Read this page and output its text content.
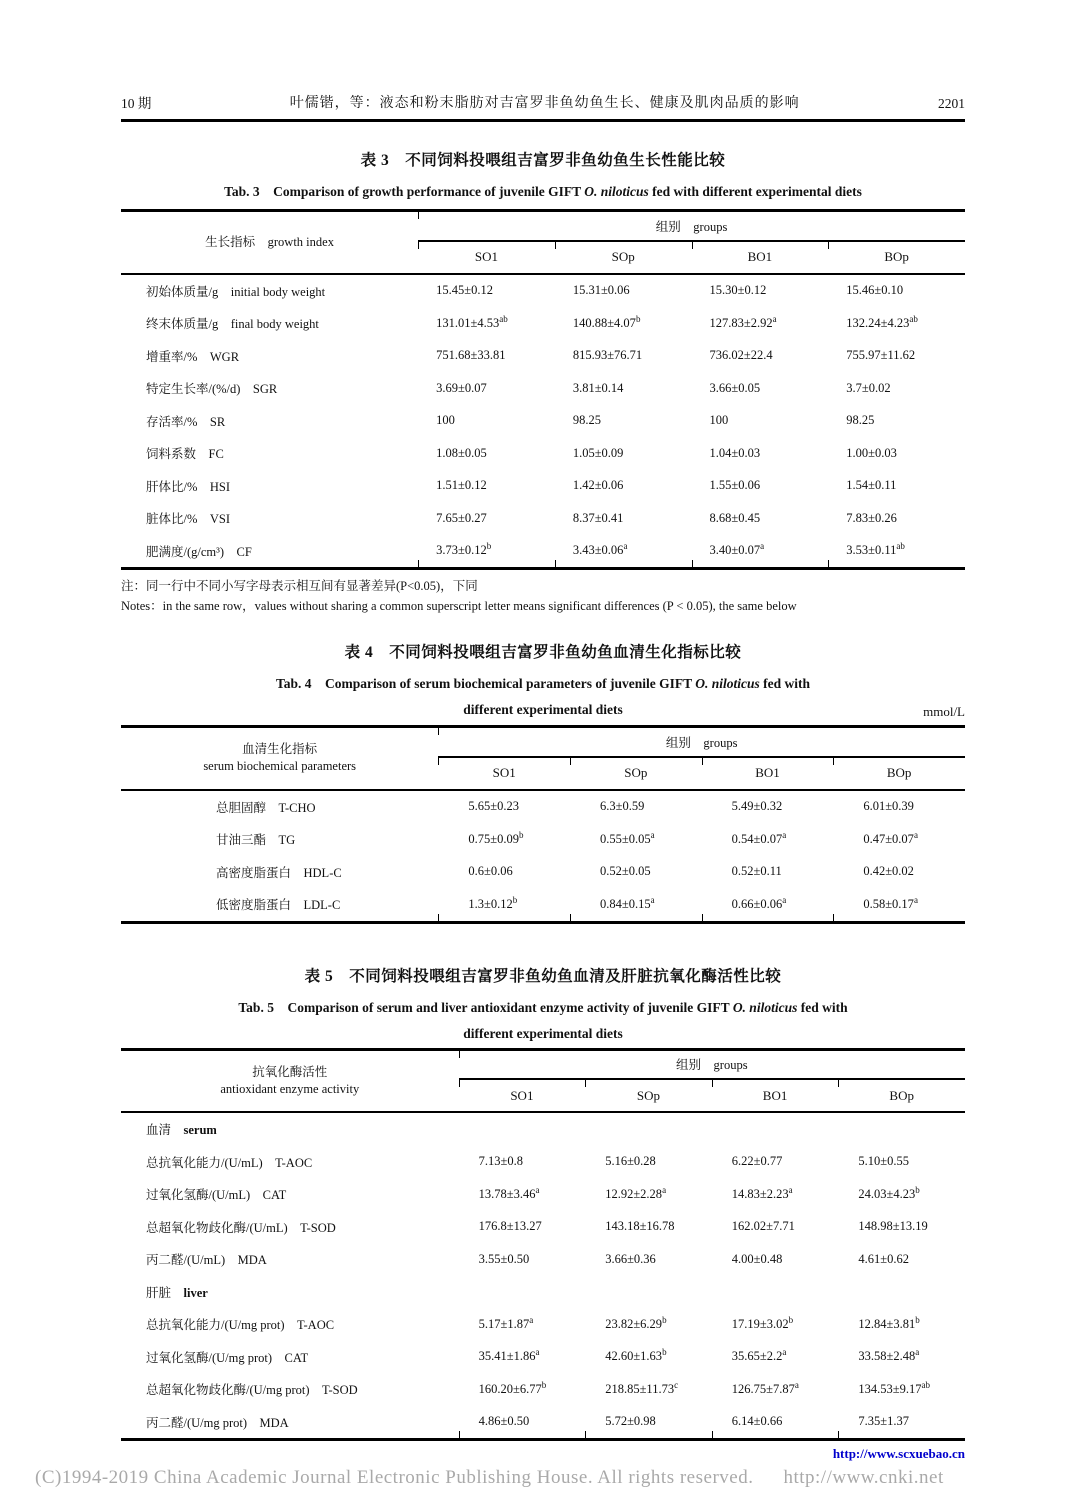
10 期	叶儒锴，等：液态和粉末脂肪对吉富罗非鱼幼鱼生长、健康及肌肉品质的影响	2201
表 3　不同饲料投喂组吉富罗非鱼幼鱼生长性能比较
Tab. 3　Comparison of growth performance of juvenile GIFT O. niloticus fed with different experimental diets
生长指标　growth index	组别　groups			
	SO1	SOp	BO1	BOp
初始体质量/g　initial body weight	15.45±0.12	15.31±0.06	15.30±0.12	15.46±0.10
终末体质量/g　final body weight	131.01±4.53$^{ab}$	140.88±4.07$^b$	127.83±2.92$^a$	132.24±4.23$^{ab}$
增重率/%　WGR	751.68±33.81	815.93±76.71	736.02±22.4	755.97±11.62
特定生长率/(%/d)　SGR	3.69±0.07	3.81±0.14	3.66±0.05	3.7±0.02
存活率/%　SR	100	98.25	100	98.25
饲料系数　FC	1.08±0.05	1.05±0.09	1.04±0.03	1.00±0.03
肝体比/%　HSI	1.51±0.12	1.42±0.06	1.55±0.06	1.54±0.11
脏体比/%　VSI	7.65±0.27	8.37±0.41	8.68±0.45	7.83±0.26
肥满度/(g/cm³)　CF	3.73±0.12$^b$	3.43±0.06$^a$	3.40±0.07$^a$	3.53±0.11$^{ab}$
注：同一行中不同小写字母表示相互间有显著差异(P<0.05)，下同
Notes：in the same row，values without sharing a common superscript letter means significant differences (P < 0.05), the same below
表 4　不同饲料投喂组吉富罗非鱼幼鱼血清生化指标比较
Tab. 4　Comparison of serum biochemical parameters of juvenile GIFT O. niloticus fed with
different experimental diets	mmol/L
血清生化指标
serum biochemical parameters	组别　groups			
	SO1	SOp	BO1	BOp
总胆固醇　T-CHO	5.65±0.23	6.3±0.59	5.49±0.32	6.01±0.39
甘油三酯　TG	0.75±0.09$^b$	0.55±0.05$^a$	0.54±0.07$^a$	0.47±0.07$^a$
高密度脂蛋白　HDL-C	0.6±0.06	0.52±0.05	0.52±0.11	0.42±0.02
低密度脂蛋白　LDL-C	1.3±0.12$^b$	0.84±0.15$^a$	0.66±0.06$^a$	0.58±0.17$^a$
表 5　不同饲料投喂组吉富罗非鱼幼鱼血清及肝脏抗氧化酶活性比较
Tab. 5　Comparison of serum and liver antioxidant enzyme activity of juvenile GIFT O. niloticus fed with
different experimental diets
抗氧化酶活性
antioxidant enzyme activity	组别　groups			
	SO1	SOp	BO1	BOp
血清　serum				
总抗氧化能力/(U/mL)　T-AOC	7.13±0.8	5.16±0.28	6.22±0.77	5.10±0.55
过氧化氢酶/(U/mL)　CAT	13.78±3.46$^a$	12.92±2.28$^a$	14.83±2.23$^a$	24.03±4.23$^b$
总超氧化物歧化酶/(U/mL)　T-SOD	176.8±13.27	143.18±16.78	162.02±7.71	148.98±13.19
丙二醛/(U/mL)　MDA	3.55±0.50	3.66±0.36	4.00±0.48	4.61±0.62
肝脏　liver				
总抗氧化能力/(U/mg prot)　T-AOC	5.17±1.87$^a$	23.82±6.29$^b$	17.19±3.02$^b$	12.84±3.81$^b$
过氧化氢酶/(U/mg prot)　CAT	35.41±1.86$^a$	42.60±1.63$^b$	35.65±2.2$^a$	33.58±2.48$^a$
总超氧化物歧化酶/(U/mg prot)　T-SOD	160.20±6.77$^b$	218.85±11.73$^c$	126.75±7.87$^a$	134.53±9.17$^{ab}$
丙二醛/(U/mg prot)　MDA	4.86±0.50	5.72±0.98	6.14±0.66	7.35±1.37
http://www.scxuebao.cn
(C)1994-2019 China Academic Journal Electronic Publishing House. All rights reserved. http://www.cnki.net
